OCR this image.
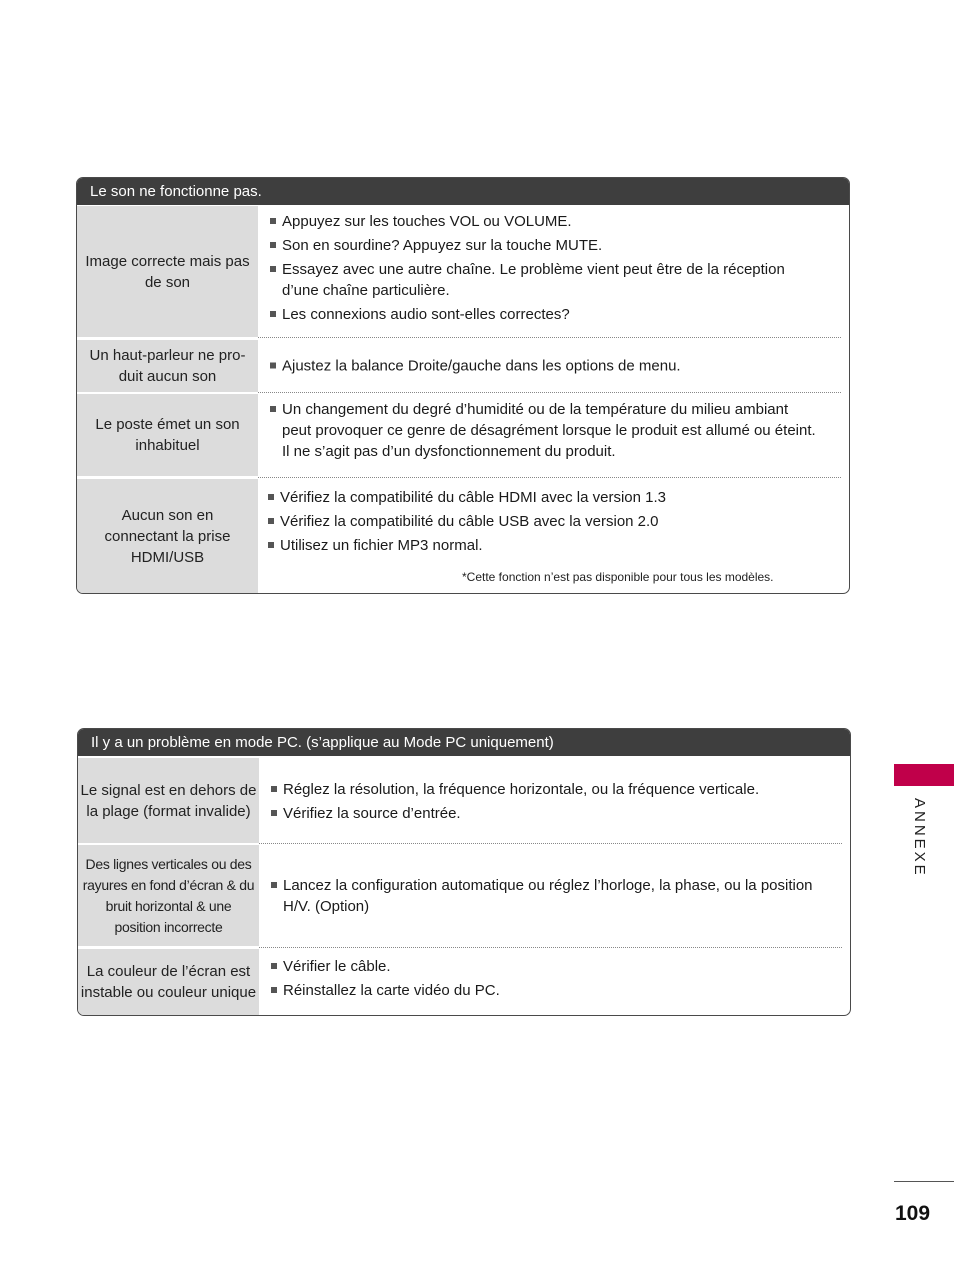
Le son ne fonctionne pas.
Image correcte mais pas de son
Appuyez sur les touches VOL ou VOLUME.
Son en sourdine? Appuyez sur la touche MUTE.
Essayez avec une autre chaîne. Le problème vient peut être de la réception d’une chaîne particulière.
Les connexions audio sont-elles correctes?
Un haut-parleur ne pro-duit aucun son
Ajustez la balance Droite/gauche dans les options de menu.
Le poste émet un son inhabituel
Un changement du degré d’humidité ou de la température du milieu ambiant peut provoquer ce genre de désagrément lorsque le produit est allumé ou éteint. Il ne s’agit pas d’un dysfonctionnement du produit.
Aucun son en connectant la prise HDMI/USB
Vérifiez la compatibilité du câble HDMI avec la version 1.3
Vérifiez la compatibilité du câble USB avec la version 2.0
Utilisez un fichier MP3 normal.
*Cette fonction n’est pas disponible pour tous les modèles.
Il y a un problème en mode PC. (s’applique au Mode PC uniquement)
Le signal est en dehors de la plage (format invalide)
Réglez la résolution, la fréquence horizontale, ou la fréquence verticale.
Vérifiez la source d’entrée.
Des lignes verticales ou des rayures en fond d’écran & du bruit horizontal & une position incorrecte
Lancez la configuration automatique ou réglez l’horloge, la phase, ou la position H/V. (Option)
La couleur de l’écran est instable ou couleur unique
Vérifier le câble.
Réinstallez la carte vidéo du PC.
ANNEXE
109
